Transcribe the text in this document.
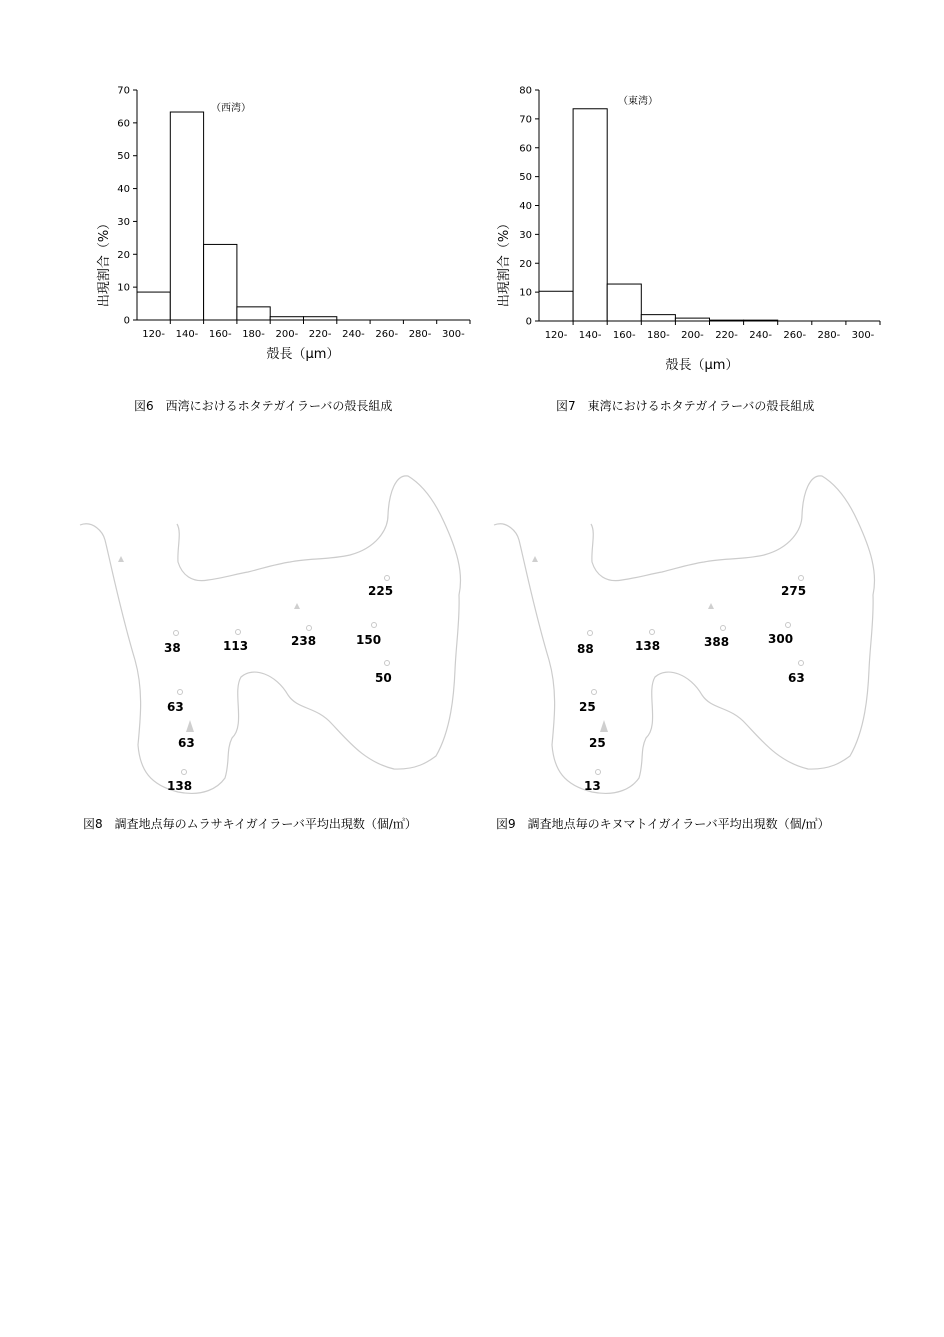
出現割合（%）
殻長（μm）
（西湾）
0
10
20
30
40
50
60
70
120- 140- 160- 180- 200- 220- 240- 260- 280- 300-
図6　西湾におけるホタテガイラーバの殻長組成
出現割合（%）
殻長（μm）
（東湾）
0
10
20
30
40
50
60
70
80
120- 140- 160- 180- 200- 220- 240- 260- 280- 300-
図7　東湾におけるホタテガイラーバの殻長組成
225
38	113	238	150
50
63
63
138
図8　調査地点毎のムラサキイガイラーバ平均出現数（個/㎥）
275
88	138	388	300
63
25
25
13
図9　調査地点毎のキヌマトイガイラーバ平均出現数（個/㎥）
